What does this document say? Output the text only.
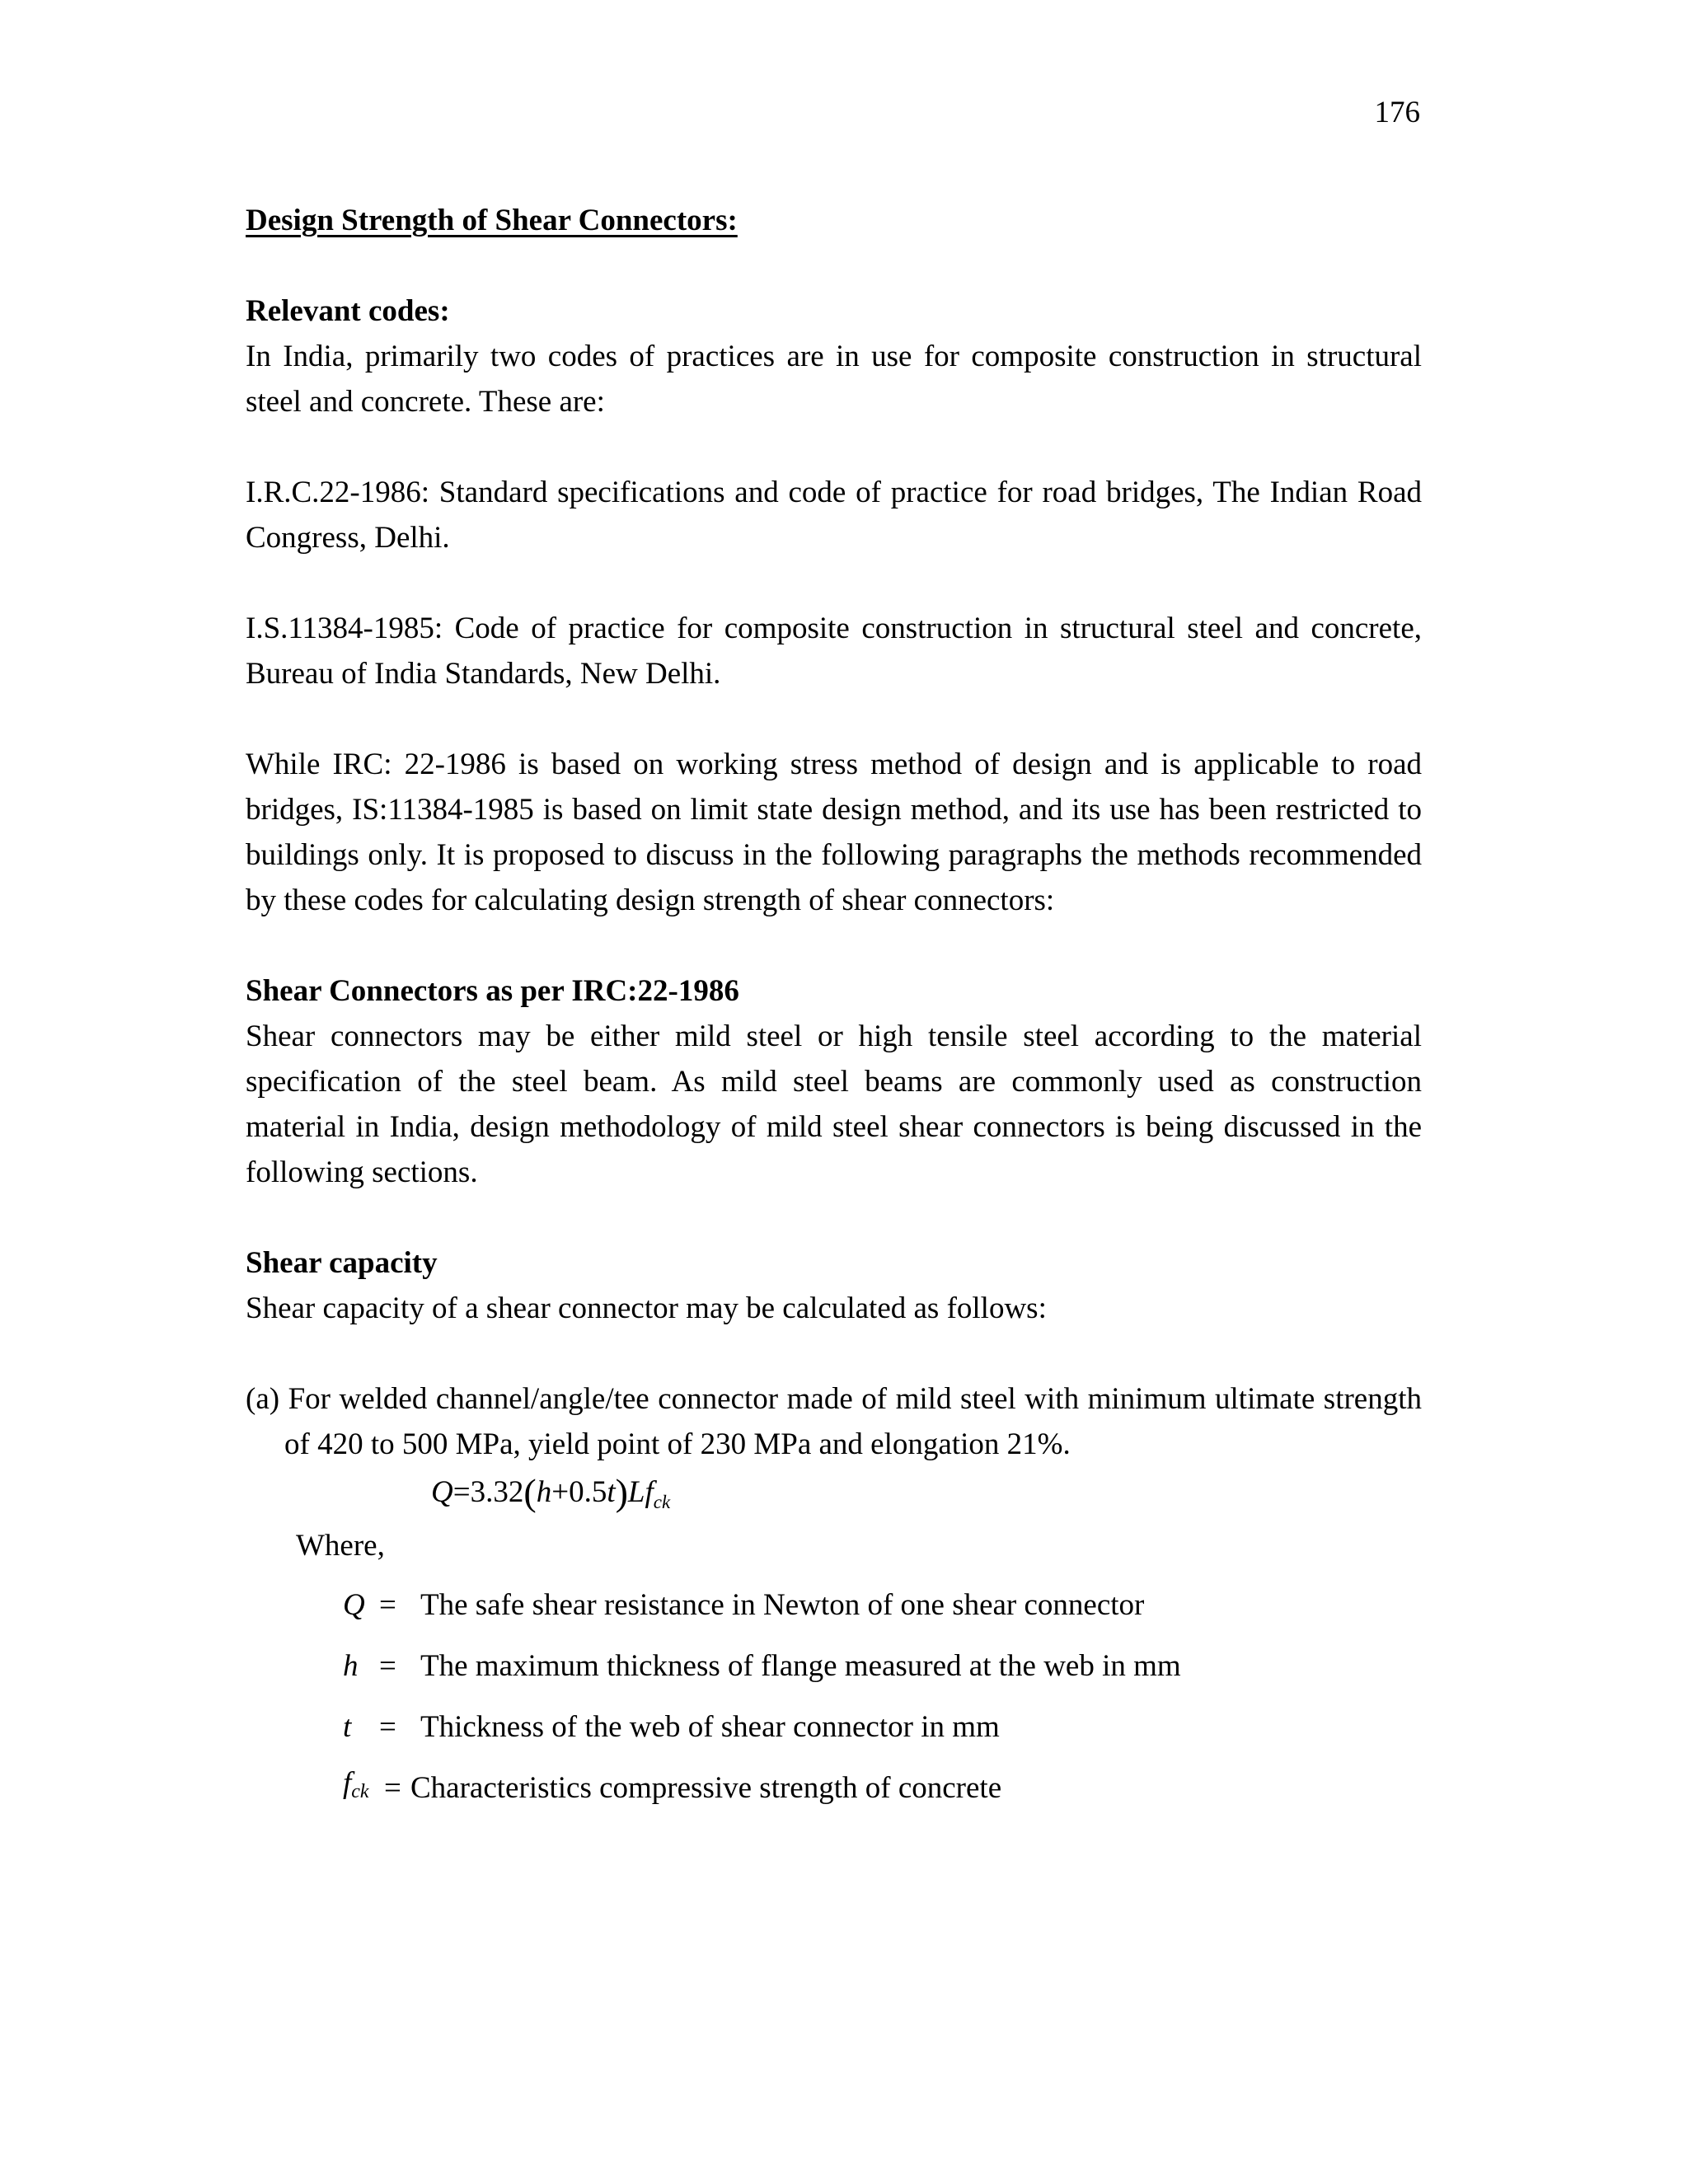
176

Design Strength of Shear Connectors:

Relevant codes:

In India, primarily two codes of practices are in use for composite construction in structural steel and concrete. These are:

I.R.C.22-1986: Standard specifications and code of practice for road bridges, The Indian Road Congress, Delhi.

I.S.11384-1985: Code of practice for composite construction in structural steel and concrete, Bureau of India Standards, New Delhi.

While IRC: 22-1986 is based on working stress method of design and is applicable to road bridges, IS:11384-1985 is based on limit state design method, and its use has been restricted to buildings only. It is proposed to discuss in the following paragraphs the methods recommended by these codes for calculating design strength of shear connectors:

Shear Connectors as per IRC:22-1986

Shear connectors may be either mild steel or high tensile steel according to the material specification of the steel beam. As mild steel beams are commonly used as construction material in India, design methodology of mild steel shear connectors is being discussed in the following sections.

Shear capacity

Shear capacity of a shear connector may be calculated as follows:

(a) For welded channel/angle/tee connector made of mild steel with minimum ultimate strength of 420 to 500 MPa, yield point of 230 MPa and elongation 21%.

$Q=3.32(h+0.5t)Lf_{ck}$

Where,

Q = The safe shear resistance in Newton of one shear connector
h = The maximum thickness of flange measured at the web in mm
t = Thickness of the web of shear connector in mm
$f_{ck}$ = Characteristics compressive strength of concrete
